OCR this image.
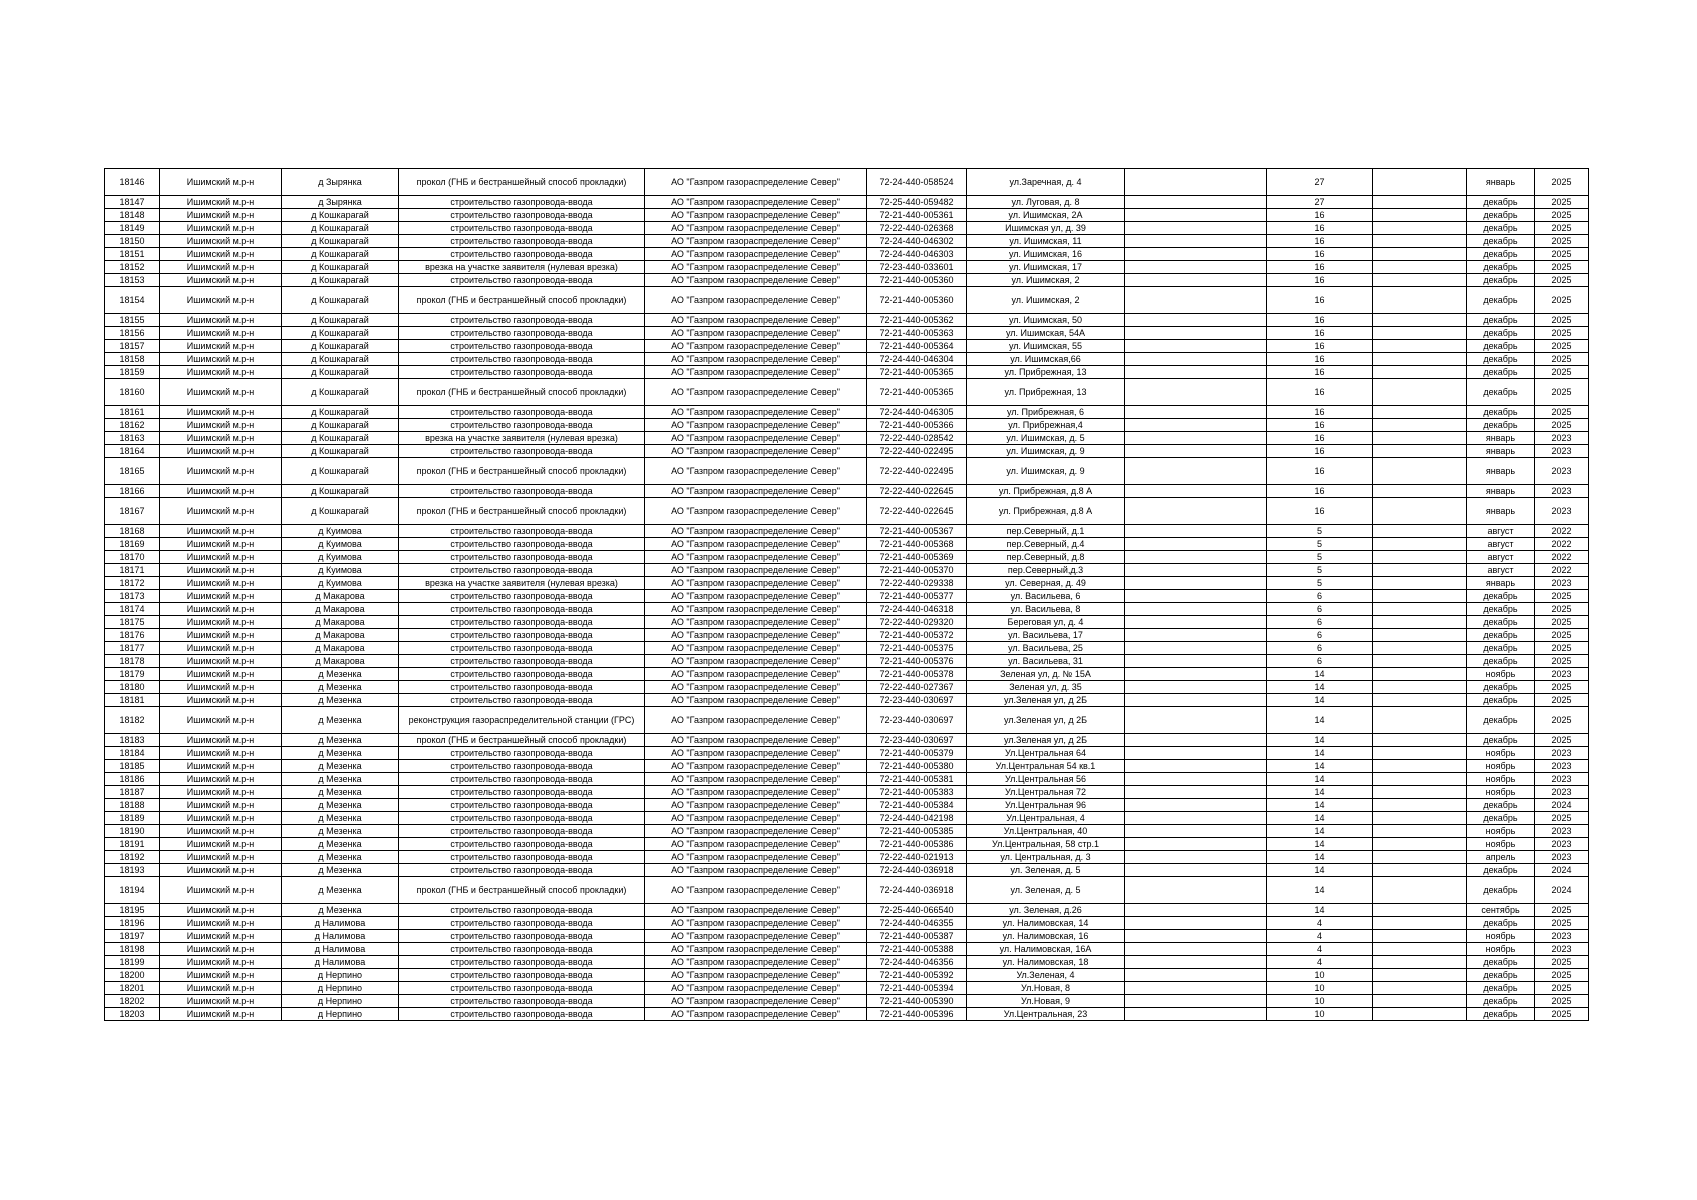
18146	Ишимский м.р-н	д Зырянка	прокол (ГНБ и бестраншейный способ прокладки)	АО "Газпром газораспределение Север"	72-24-440-058524	ул.Заречная, д. 4		27		январь	2025
18147	Ишимский м.р-н	д Зырянка	строительство газопровода-ввода	АО "Газпром газораспределение Север"	72-25-440-059482	ул. Луговая, д. 8		27		декабрь	2025
18148	Ишимский м.р-н	д Кошкарагай	строительство газопровода-ввода	АО "Газпром газораспределение Север"	72-21-440-005361	ул. Ишимская, 2А		16		декабрь	2025
18149	Ишимский м.р-н	д Кошкарагай	строительство газопровода-ввода	АО "Газпром газораспределение Север"	72-22-440-026368	Ишимская ул, д. 39		16		декабрь	2025
18150	Ишимский м.р-н	д Кошкарагай	строительство газопровода-ввода	АО "Газпром газораспределение Север"	72-24-440-046302	ул. Ишимская, 11		16		декабрь	2025
18151	Ишимский м.р-н	д Кошкарагай	строительство газопровода-ввода	АО "Газпром газораспределение Север"	72-24-440-046303	ул. Ишимская, 16		16		декабрь	2025
18152	Ишимский м.р-н	д Кошкарагай	врезка на участке заявителя (нулевая врезка)	АО "Газпром газораспределение Север"	72-23-440-033601	ул. Ишимская, 17		16		декабрь	2025
18153	Ишимский м.р-н	д Кошкарагай	строительство газопровода-ввода	АО "Газпром газораспределение Север"	72-21-440-005360	ул. Ишимская, 2		16		декабрь	2025
18154	Ишимский м.р-н	д Кошкарагай	прокол (ГНБ и бестраншейный способ прокладки)	АО "Газпром газораспределение Север"	72-21-440-005360	ул. Ишимская, 2		16		декабрь	2025
18155	Ишимский м.р-н	д Кошкарагай	строительство газопровода-ввода	АО "Газпром газораспределение Север"	72-21-440-005362	ул. Ишимская, 50		16		декабрь	2025
18156	Ишимский м.р-н	д Кошкарагай	строительство газопровода-ввода	АО "Газпром газораспределение Север"	72-21-440-005363	ул. Ишимская, 54А		16		декабрь	2025
18157	Ишимский м.р-н	д Кошкарагай	строительство газопровода-ввода	АО "Газпром газораспределение Север"	72-21-440-005364	ул. Ишимская, 55		16		декабрь	2025
18158	Ишимский м.р-н	д Кошкарагай	строительство газопровода-ввода	АО "Газпром газораспределение Север"	72-24-440-046304	ул. Ишимская,66		16		декабрь	2025
18159	Ишимский м.р-н	д Кошкарагай	строительство газопровода-ввода	АО "Газпром газораспределение Север"	72-21-440-005365	ул. Прибрежная, 13		16		декабрь	2025
18160	Ишимский м.р-н	д Кошкарагай	прокол (ГНБ и бестраншейный способ прокладки)	АО "Газпром газораспределение Север"	72-21-440-005365	ул. Прибрежная, 13		16		декабрь	2025
18161	Ишимский м.р-н	д Кошкарагай	строительство газопровода-ввода	АО "Газпром газораспределение Север"	72-24-440-046305	ул. Прибрежная, 6		16		декабрь	2025
18162	Ишимский м.р-н	д Кошкарагай	строительство газопровода-ввода	АО "Газпром газораспределение Север"	72-21-440-005366	ул. Прибрежная,4		16		декабрь	2025
18163	Ишимский м.р-н	д Кошкарагай	врезка на участке заявителя (нулевая врезка)	АО "Газпром газораспределение Север"	72-22-440-028542	ул. Ишимская, д. 5		16		январь	2023
18164	Ишимский м.р-н	д Кошкарагай	строительство газопровода-ввода	АО "Газпром газораспределение Север"	72-22-440-022495	ул. Ишимская, д. 9		16		январь	2023
18165	Ишимский м.р-н	д Кошкарагай	прокол (ГНБ и бестраншейный способ прокладки)	АО "Газпром газораспределение Север"	72-22-440-022495	ул. Ишимская, д. 9		16		январь	2023
18166	Ишимский м.р-н	д Кошкарагай	строительство газопровода-ввода	АО "Газпром газораспределение Север"	72-22-440-022645	ул. Прибрежная, д.8 А		16		январь	2023
18167	Ишимский м.р-н	д Кошкарагай	прокол (ГНБ и бестраншейный способ прокладки)	АО "Газпром газораспределение Север"	72-22-440-022645	ул. Прибрежная, д.8 А		16		январь	2023
18168	Ишимский м.р-н	д Куимова	строительство газопровода-ввода	АО "Газпром газораспределение Север"	72-21-440-005367	пер.Северный, д.1		5		август	2022
18169	Ишимский м.р-н	д Куимова	строительство газопровода-ввода	АО "Газпром газораспределение Север"	72-21-440-005368	пер.Северный, д.4		5		август	2022
18170	Ишимский м.р-н	д Куимова	строительство газопровода-ввода	АО "Газпром газораспределение Север"	72-21-440-005369	пер.Северный, д.8		5		август	2022
18171	Ишимский м.р-н	д Куимова	строительство газопровода-ввода	АО "Газпром газораспределение Север"	72-21-440-005370	пер.Северный,д.3		5		август	2022
18172	Ишимский м.р-н	д Куимова	врезка на участке заявителя (нулевая врезка)	АО "Газпром газораспределение Север"	72-22-440-029338	ул. Северная, д. 49		5		январь	2023
18173	Ишимский м.р-н	д Макарова	строительство газопровода-ввода	АО "Газпром газораспределение Север"	72-21-440-005377	ул. Васильева, 6		6		декабрь	2025
18174	Ишимский м.р-н	д Макарова	строительство газопровода-ввода	АО "Газпром газораспределение Север"	72-24-440-046318	ул. Васильева, 8		6		декабрь	2025
18175	Ишимский м.р-н	д Макарова	строительство газопровода-ввода	АО "Газпром газораспределение Север"	72-22-440-029320	Береговая ул, д. 4		6		декабрь	2025
18176	Ишимский м.р-н	д Макарова	строительство газопровода-ввода	АО "Газпром газораспределение Север"	72-21-440-005372	ул. Васильева, 17		6		декабрь	2025
18177	Ишимский м.р-н	д Макарова	строительство газопровода-ввода	АО "Газпром газораспределение Север"	72-21-440-005375	ул. Васильева, 25		6		декабрь	2025
18178	Ишимский м.р-н	д Макарова	строительство газопровода-ввода	АО "Газпром газораспределение Север"	72-21-440-005376	ул. Васильева, 31		6		декабрь	2025
18179	Ишимский м.р-н	д Мезенка	строительство газопровода-ввода	АО "Газпром газораспределение Север"	72-21-440-005378	Зеленая ул, д. № 15А		14		ноябрь	2023
18180	Ишимский м.р-н	д Мезенка	строительство газопровода-ввода	АО "Газпром газораспределение Север"	72-22-440-027367	Зеленая ул, д. 35		14		декабрь	2025
18181	Ишимский м.р-н	д Мезенка	строительство газопровода-ввода	АО "Газпром газораспределение Север"	72-23-440-030697	ул.Зеленая ул, д 2Б		14		декабрь	2025
18182	Ишимский м.р-н	д Мезенка	реконструкция газораспределительной станции (ГРС)	АО "Газпром газораспределение Север"	72-23-440-030697	ул.Зеленая ул, д 2Б		14		декабрь	2025
18183	Ишимский м.р-н	д Мезенка	прокол (ГНБ и бестраншейный способ прокладки)	АО "Газпром газораспределение Север"	72-23-440-030697	ул.Зеленая ул, д 2Б		14		декабрь	2025
18184	Ишимский м.р-н	д Мезенка	строительство газопровода-ввода	АО "Газпром газораспределение Север"	72-21-440-005379	Ул.Центральная 64		14		ноябрь	2023
18185	Ишимский м.р-н	д Мезенка	строительство газопровода-ввода	АО "Газпром газораспределение Север"	72-21-440-005380	Ул.Центральная 54 кв.1		14		ноябрь	2023
18186	Ишимский м.р-н	д Мезенка	строительство газопровода-ввода	АО "Газпром газораспределение Север"	72-21-440-005381	Ул.Центральная 56		14		ноябрь	2023
18187	Ишимский м.р-н	д Мезенка	строительство газопровода-ввода	АО "Газпром газораспределение Север"	72-21-440-005383	Ул.Центральная 72		14		ноябрь	2023
18188	Ишимский м.р-н	д Мезенка	строительство газопровода-ввода	АО "Газпром газораспределение Север"	72-21-440-005384	Ул.Центральная 96		14		декабрь	2024
18189	Ишимский м.р-н	д Мезенка	строительство газопровода-ввода	АО "Газпром газораспределение Север"	72-24-440-042198	Ул.Центральная, 4		14		декабрь	2025
18190	Ишимский м.р-н	д Мезенка	строительство газопровода-ввода	АО "Газпром газораспределение Север"	72-21-440-005385	Ул.Центральная, 40		14		ноябрь	2023
18191	Ишимский м.р-н	д Мезенка	строительство газопровода-ввода	АО "Газпром газораспределение Север"	72-21-440-005386	Ул.Центральная, 58 стр.1		14		ноябрь	2023
18192	Ишимский м.р-н	д Мезенка	строительство газопровода-ввода	АО "Газпром газораспределение Север"	72-22-440-021913	ул. Центральная, д. 3		14		апрель	2023
18193	Ишимский м.р-н	д Мезенка	строительство газопровода-ввода	АО "Газпром газораспределение Север"	72-24-440-036918	ул. Зеленая, д. 5		14		декабрь	2024
18194	Ишимский м.р-н	д Мезенка	прокол (ГНБ и бестраншейный способ прокладки)	АО "Газпром газораспределение Север"	72-24-440-036918	ул. Зеленая, д. 5		14		декабрь	2024
18195	Ишимский м.р-н	д Мезенка	строительство газопровода-ввода	АО "Газпром газораспределение Север"	72-25-440-066540	ул. Зеленая, д.26		14		сентябрь	2025
18196	Ишимский м.р-н	д Налимова	строительство газопровода-ввода	АО "Газпром газораспределение Север"	72-24-440-046355	ул. Налимовская, 14		4		декабрь	2025
18197	Ишимский м.р-н	д Налимова	строительство газопровода-ввода	АО "Газпром газораспределение Север"	72-21-440-005387	ул. Налимовская, 16		4		ноябрь	2023
18198	Ишимский м.р-н	д Налимова	строительство газопровода-ввода	АО "Газпром газораспределение Север"	72-21-440-005388	ул. Налимовская, 16А		4		ноябрь	2023
18199	Ишимский м.р-н	д Налимова	строительство газопровода-ввода	АО "Газпром газораспределение Север"	72-24-440-046356	ул. Налимовская, 18		4		декабрь	2025
18200	Ишимский м.р-н	д Нерпино	строительство газопровода-ввода	АО "Газпром газораспределение Север"	72-21-440-005392	Ул.Зеленая, 4		10		декабрь	2025
18201	Ишимский м.р-н	д Нерпино	строительство газопровода-ввода	АО "Газпром газораспределение Север"	72-21-440-005394	Ул.Новая, 8		10		декабрь	2025
18202	Ишимский м.р-н	д Нерпино	строительство газопровода-ввода	АО "Газпром газораспределение Север"	72-21-440-005390	Ул.Новая, 9		10		декабрь	2025
18203	Ишимский м.р-н	д Нерпино	строительство газопровода-ввода	АО "Газпром газораспределение Север"	72-21-440-005396	Ул.Центральная, 23		10		декабрь	2025
